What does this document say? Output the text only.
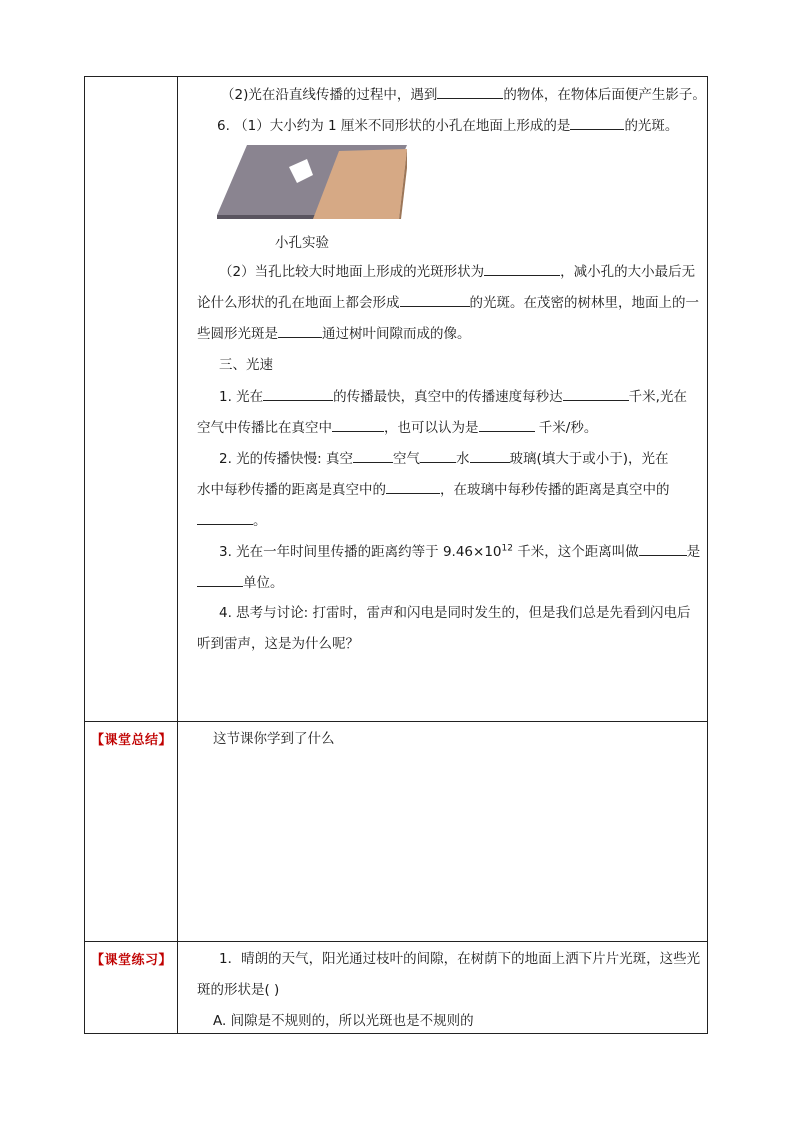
（2)光在沿直线传播的过程中，遇到	的物体，在物体后面便产生影子。
6. （1）大小约为 1 厘米不同形状的小孔在地面上形成的是	的光斑。
小孔实验
（2）当孔比较大时地面上形成的光斑形状为	，减小孔的大小最后无
论什么形状的孔在地面上都会形成	的光斑。在茂密的树林里，地面上的一
些圆形光斑是	通过树叶间隙而成的像。
三、光速
1. 光在	的传播最快，真空中的传播速度每秒达	千米,光在
空气中传播比在真空中	，也可以认为是	千米/秒。
2. 光的传播快慢: 真空	空气	水	玻璃(填大于或小于)，光在
水中每秒传播的距离是真空中的	，在玻璃中每秒传播的距离是真空中的
。
3. 光在一年时间里传播的距离约等于 $9.46\times 10^{12}$ 千米，这个距离叫做	是
单位。
4. 思考与讨论: 打雷时，雷声和闪电是同时发生的，但是我们总是先看到闪电后
听到雷声，这是为什么呢？
【课堂总结】	这节课你学到了什么
【课堂练习】	1．晴朗的天气，阳光通过枝叶的间隙，在树荫下的地面上洒下片片光斑，这些光
斑的形状是( )
A. 间隙是不规则的，所以光斑也是不规则的
